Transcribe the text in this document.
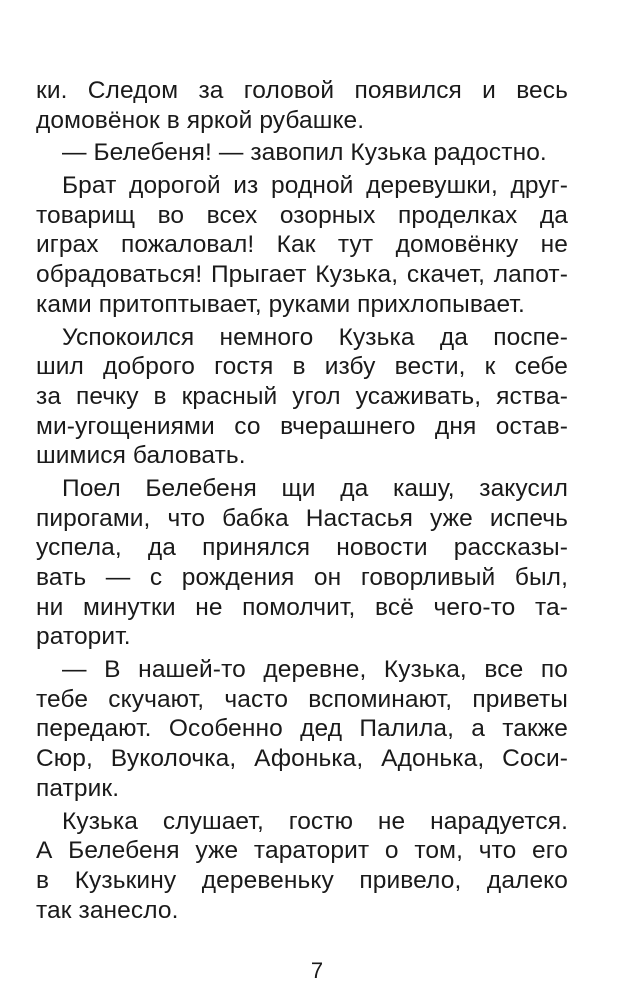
ки. Следом за головой появился и весь
домовёнок в яркой рубашке.
— Белебеня! — завопил Кузька радостно.
Брат дорогой из родной деревушки, друг-
товарищ во всех озорных проделках да
играх пожаловал! Как тут домовёнку не
обрадоваться! Прыгает Кузька, скачет, лапот-
ками притоптывает, руками прихлопывает.
Успокоился немного Кузька да поспе-
шил доброго гостя в избу вести, к себе
за печку в красный угол усаживать, яства-
ми-угощениями со вчерашнего дня остав-
шимися баловать.
Поел Белебеня щи да кашу, закусил
пирогами, что бабка Настасья уже испечь
успела, да принялся новости рассказы-
вать — с рождения он говорливый был,
ни минутки не помолчит, всё чего-то та-
раторит.
— В нашей-то деревне, Кузька, все по
тебе скучают, часто вспоминают, приветы
передают. Особенно дед Палила, а также
Сюр, Вуколочка, Афонька, Адонька, Соси-
патрик.
Кузька слушает, гостю не нарадуется.
А Белебеня уже тараторит о том, что его
в Кузькину деревеньку привело, далеко
так занесло.
7
